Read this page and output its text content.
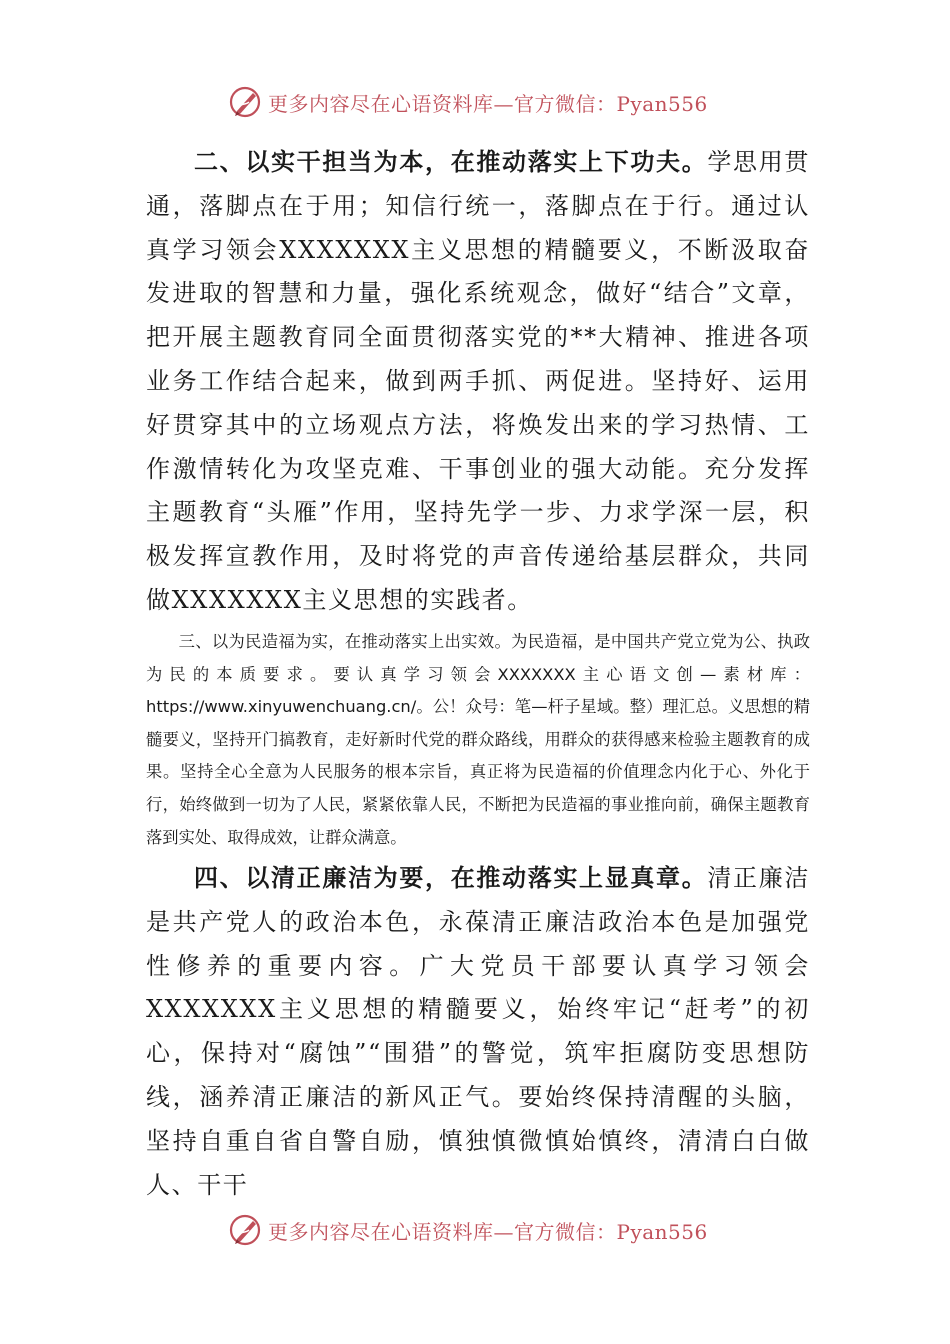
更多内容尽在心语资料库—官方微信：Pyan556
二、以实干担当为本，在推动落实上下功夫。学思用贯通，落脚点在于用；知信行统一，落脚点在于行。通过认真学习领会XXXXXXX主义思想的精髓要义，不断汲取奋发进取的智慧和力量，强化系统观念，做好“结合”文章，把开展主题教育同全面贯彻落实党的**大精神、推进各项业务工作结合起来，做到两手抓、两促进。坚持好、运用好贯穿其中的立场观点方法，将焕发出来的学习热情、工作激情转化为攻坚克难、干事创业的强大动能。充分发挥主题教育“头雁”作用，坚持先学一步、力求学深一层，积极发挥宣教作用，及时将党的声音传递给基层群众，共同做XXXXXXX主义思想的实践者。
三、以为民造福为实，在推动落实上出实效。为民造福，是中国共产党立党为公、执政为民的本质要求。要认真学习领会XXXXXXX主心语文创—素材库：https://www.xinyuwenchuang.cn/。公！众号：笔—杆子星域。整）理汇总。义思想的精髓要义，坚持开门搞教育，走好新时代党的群众路线，用群众的获得感来检验主题教育的成果。坚持全心全意为人民服务的根本宗旨，真正将为民造福的价值理念内化于心、外化于行，始终做到一切为了人民，紧紧依靠人民，不断把为民造福的事业推向前，确保主题教育落到实处、取得成效，让群众满意。
四、以清正廉洁为要，在推动落实上显真章。清正廉洁是共产党人的政治本色，永葆清正廉洁政治本色是加强党性修养的重要内容。广大党员干部要认真学习领会XXXXXXX主义思想的精髓要义，始终牢记“赶考”的初心，保持对“腐蚀”“围猎”的警觉，筑牢拒腐防变思想防线，涵养清正廉洁的新风正气。要始终保持清醒的头脑，坚持自重自省自警自励，慎独慎微慎始慎终，清清白白做人、干干
更多内容尽在心语资料库—官方微信：Pyan556
